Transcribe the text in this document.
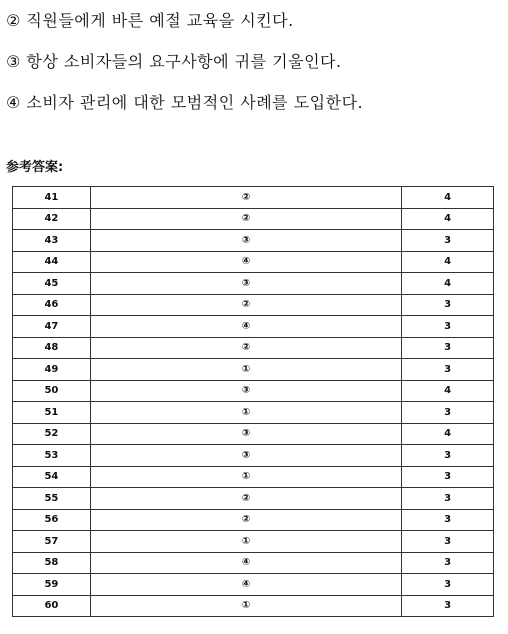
② 직원들에게 바른 예절 교육을 시킨다.
③ 항상 소비자들의 요구사항에 귀를 기울인다.
④ 소비자 관리에 대한 모범적인 사례를 도입한다.
参考答案:
41	②	4
42	②	4
43	③	3
44	④	4
45	③	4
46	②	3
47	④	3
48	②	3
49	①	3
50	③	4
51	①	3
52	③	4
53	③	3
54	①	3
55	②	3
56	②	3
57	①	3
58	④	3
59	④	3
60	①	3
